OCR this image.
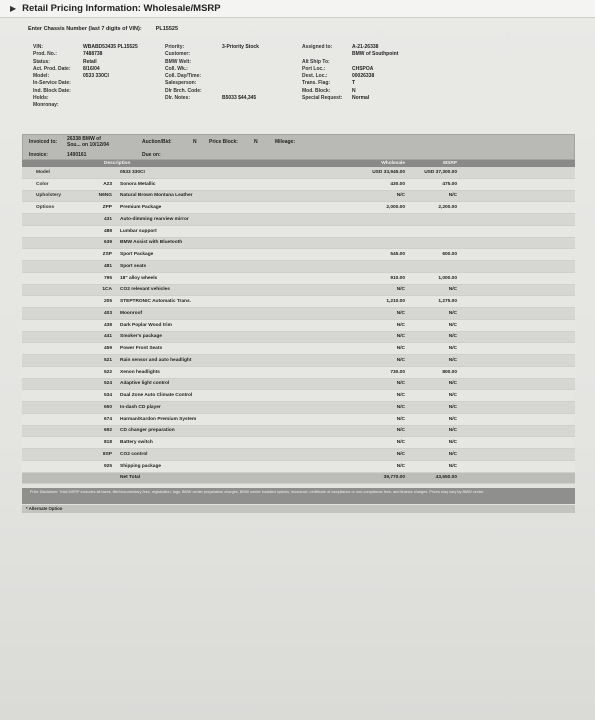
▶ Retail Pricing Information: Wholesale/MSRP
Enter Chassis Number (last 7 digits of VIN):	PL15525
VIN:	WBABD53435 PL15525
Prod. No.:	7488738
Status:	Retail
Act. Prod. Date:	8/16/04
Model:	0533 330CI
In-Service Date:
Ind. Block Date:
Holds:
Monronay:
Priority:	3-Priority Stock
Customer:
BMW Welt:
Coll. Wk.:
Coll. Day/Time:
Salesperson:
Dlr Brch. Code:
Dlr. Notes:	B5033 $44,345
Assigned to:	A-21-26338
BMW of Southpoint
Alt Ship To:
Port Loc.:	CHSPOA
Dest. Loc.:	00026338
Trans. Flag:	T
Mod. Block:	N
Special Request:	Normal
Invoiced to: 26338 BMW of
Sou... on 10/12/04	Auction/Bid:	N Price Block:	N	Mileage:
Invoice:	1490161	Due on:
Description	Wholesale	MSRP
Model	0533 330CI	USD 33,945.00	USD 37,300.00
Color	A23 Sonora Metallic	430.00	475.00
Upholstery	N6NG Natural Brown Montana Leather	N/C	N/C
Options	ZPP Premium Package	2,000.00	2,200.00
431 Auto-dimming rearview mirror
488 Lumbar support
639 BMW Assist with Bluetooth
ZSP Sport Package	545.00	600.00
481 Sport seats
795 18" alloy wheels	910.00	1,000.00
1CA CO2 relevant vehicles	N/C	N/C
205 STEPTRONIC Automatic Trans.	1,210.00	1,275.00
403 Moonroof	N/C	N/C
438 Dark Poplar Wood trim	N/C	N/C
441 Smoker's package	N/C	N/C
459 Power Front Seats	N/C	N/C
521 Rain sensor and auto headlight	N/C	N/C
522 Xenon headlights	730.00	800.00
524 Adaptive light control	N/C	N/C
534 Dual Zone Auto Climate Control	N/C	N/C
650 In-dash CD player	N/C	N/C
674 Harman/Kardon Premium System	N/C	N/C
692 CD changer preparation	N/C	N/C
818 Battery switch	N/C	N/C
8SP CO2 control	N/C	N/C
925 Shipping package	N/C	N/C
Net Total	39,770.00	43,650.00
Price Disclaimer: Total MSRP excludes all taxes, title/documentary fees, registration, tags, BMW center preparation charges, BMW center installed options, insurance, certificate of compliance or non-compliance fees, and finance charges. Prices may vary by BMW center.
* Alternate Option
